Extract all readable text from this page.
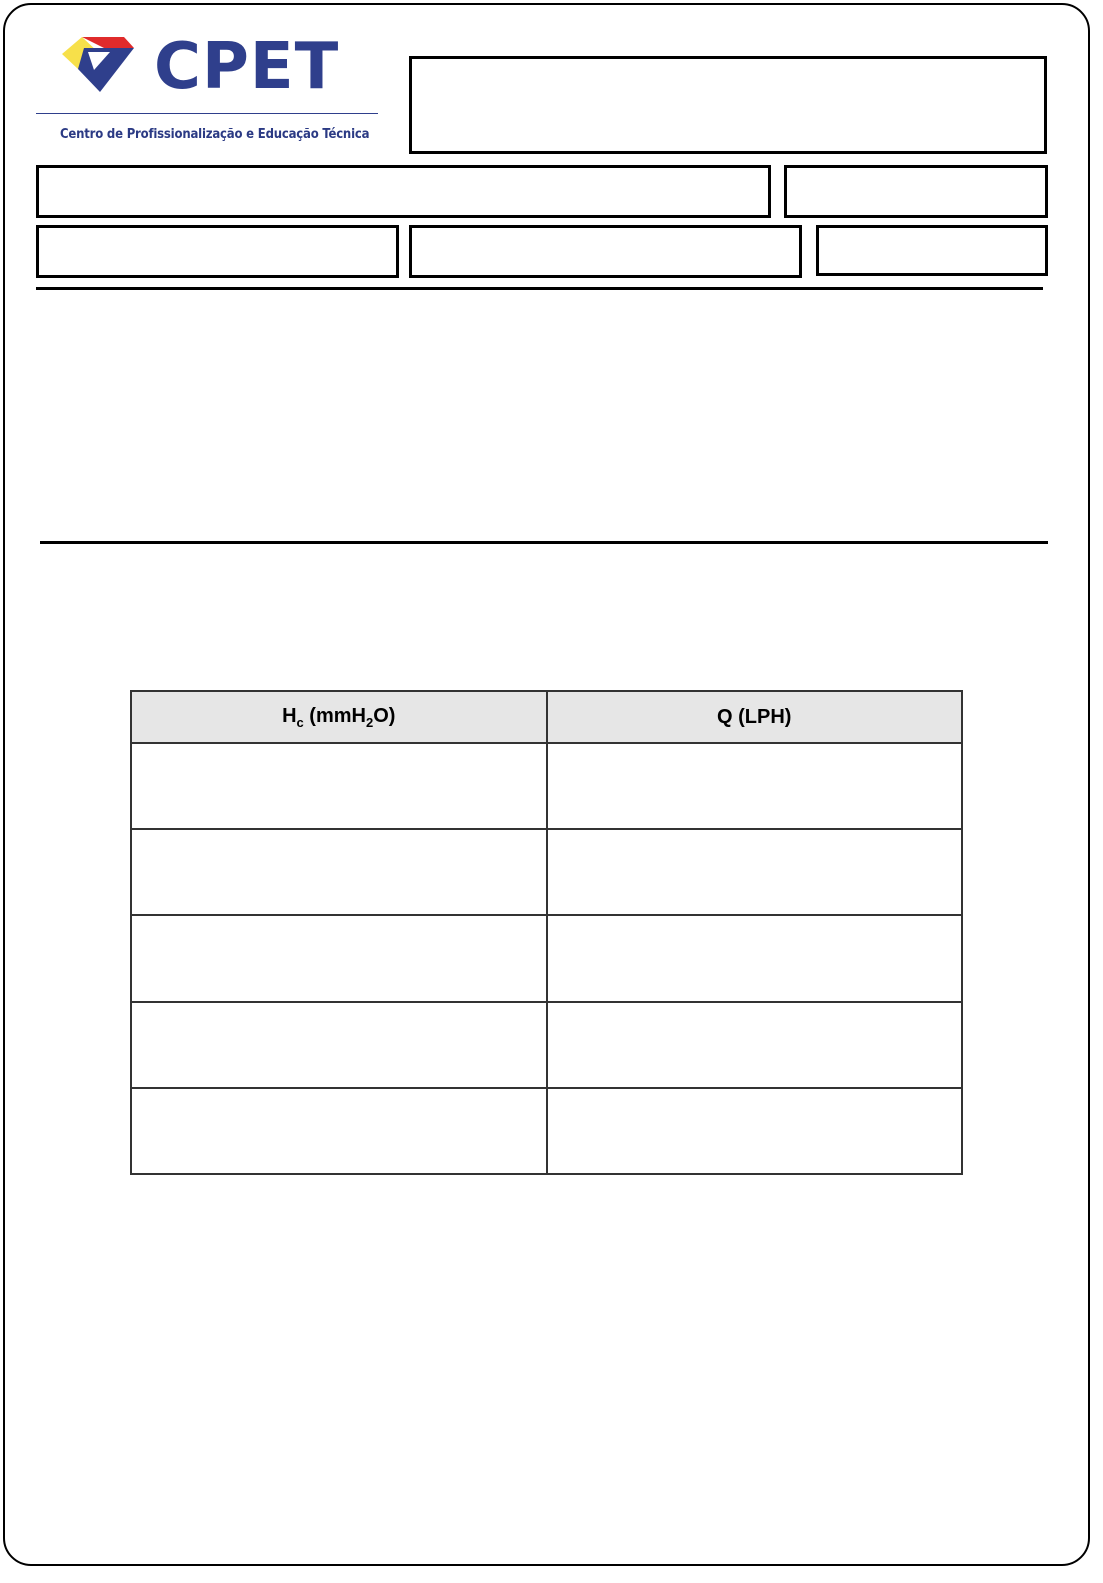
CPET
Centro de Profissionalização e Educação Técnica
$H_c$ (mmH$_2$O)	Q (LPH)
